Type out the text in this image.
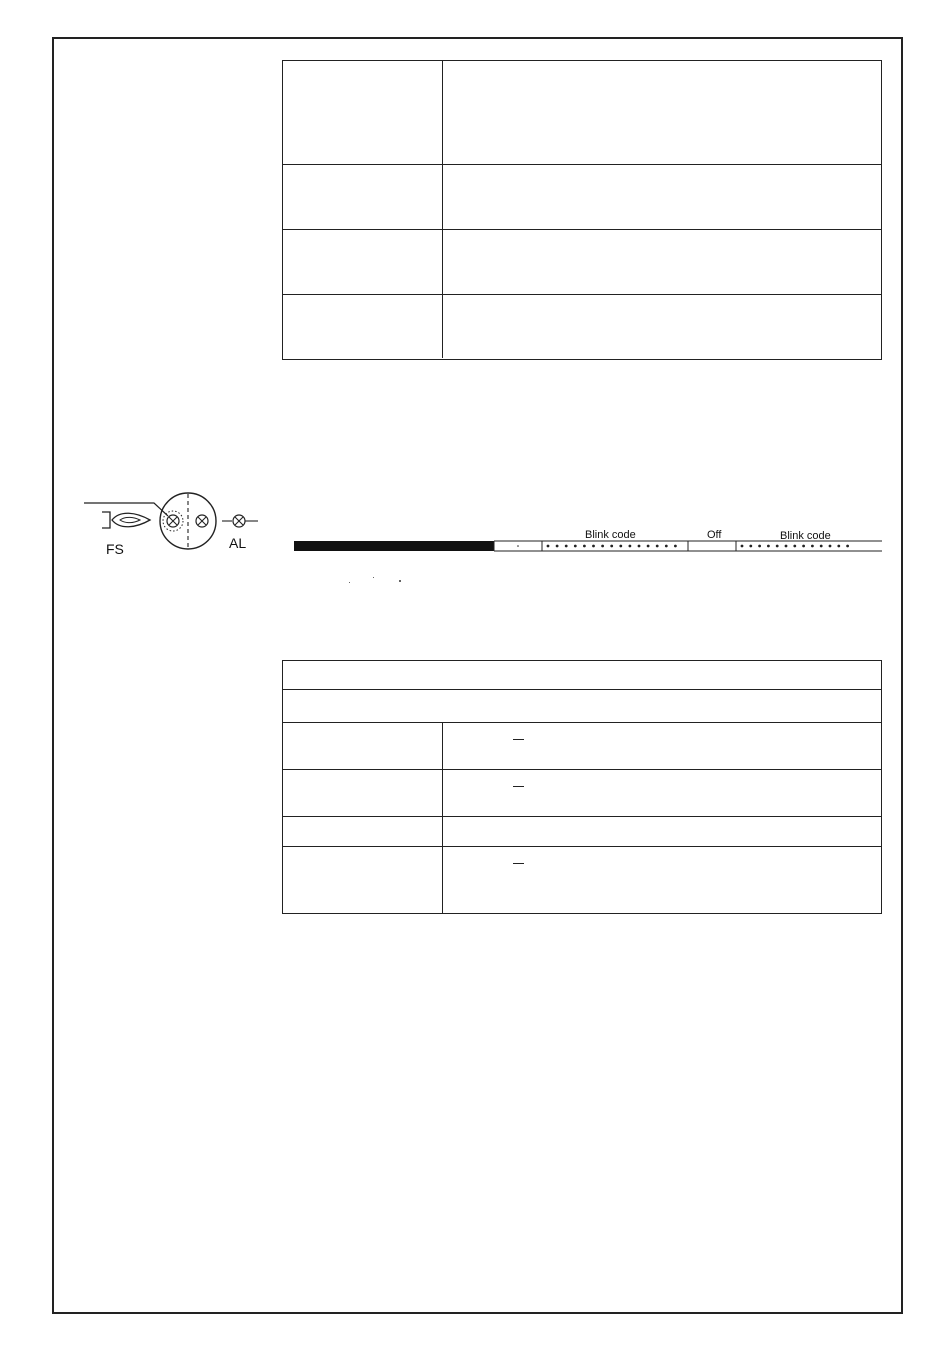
FS	AL	Blink code	Off	Blink code
